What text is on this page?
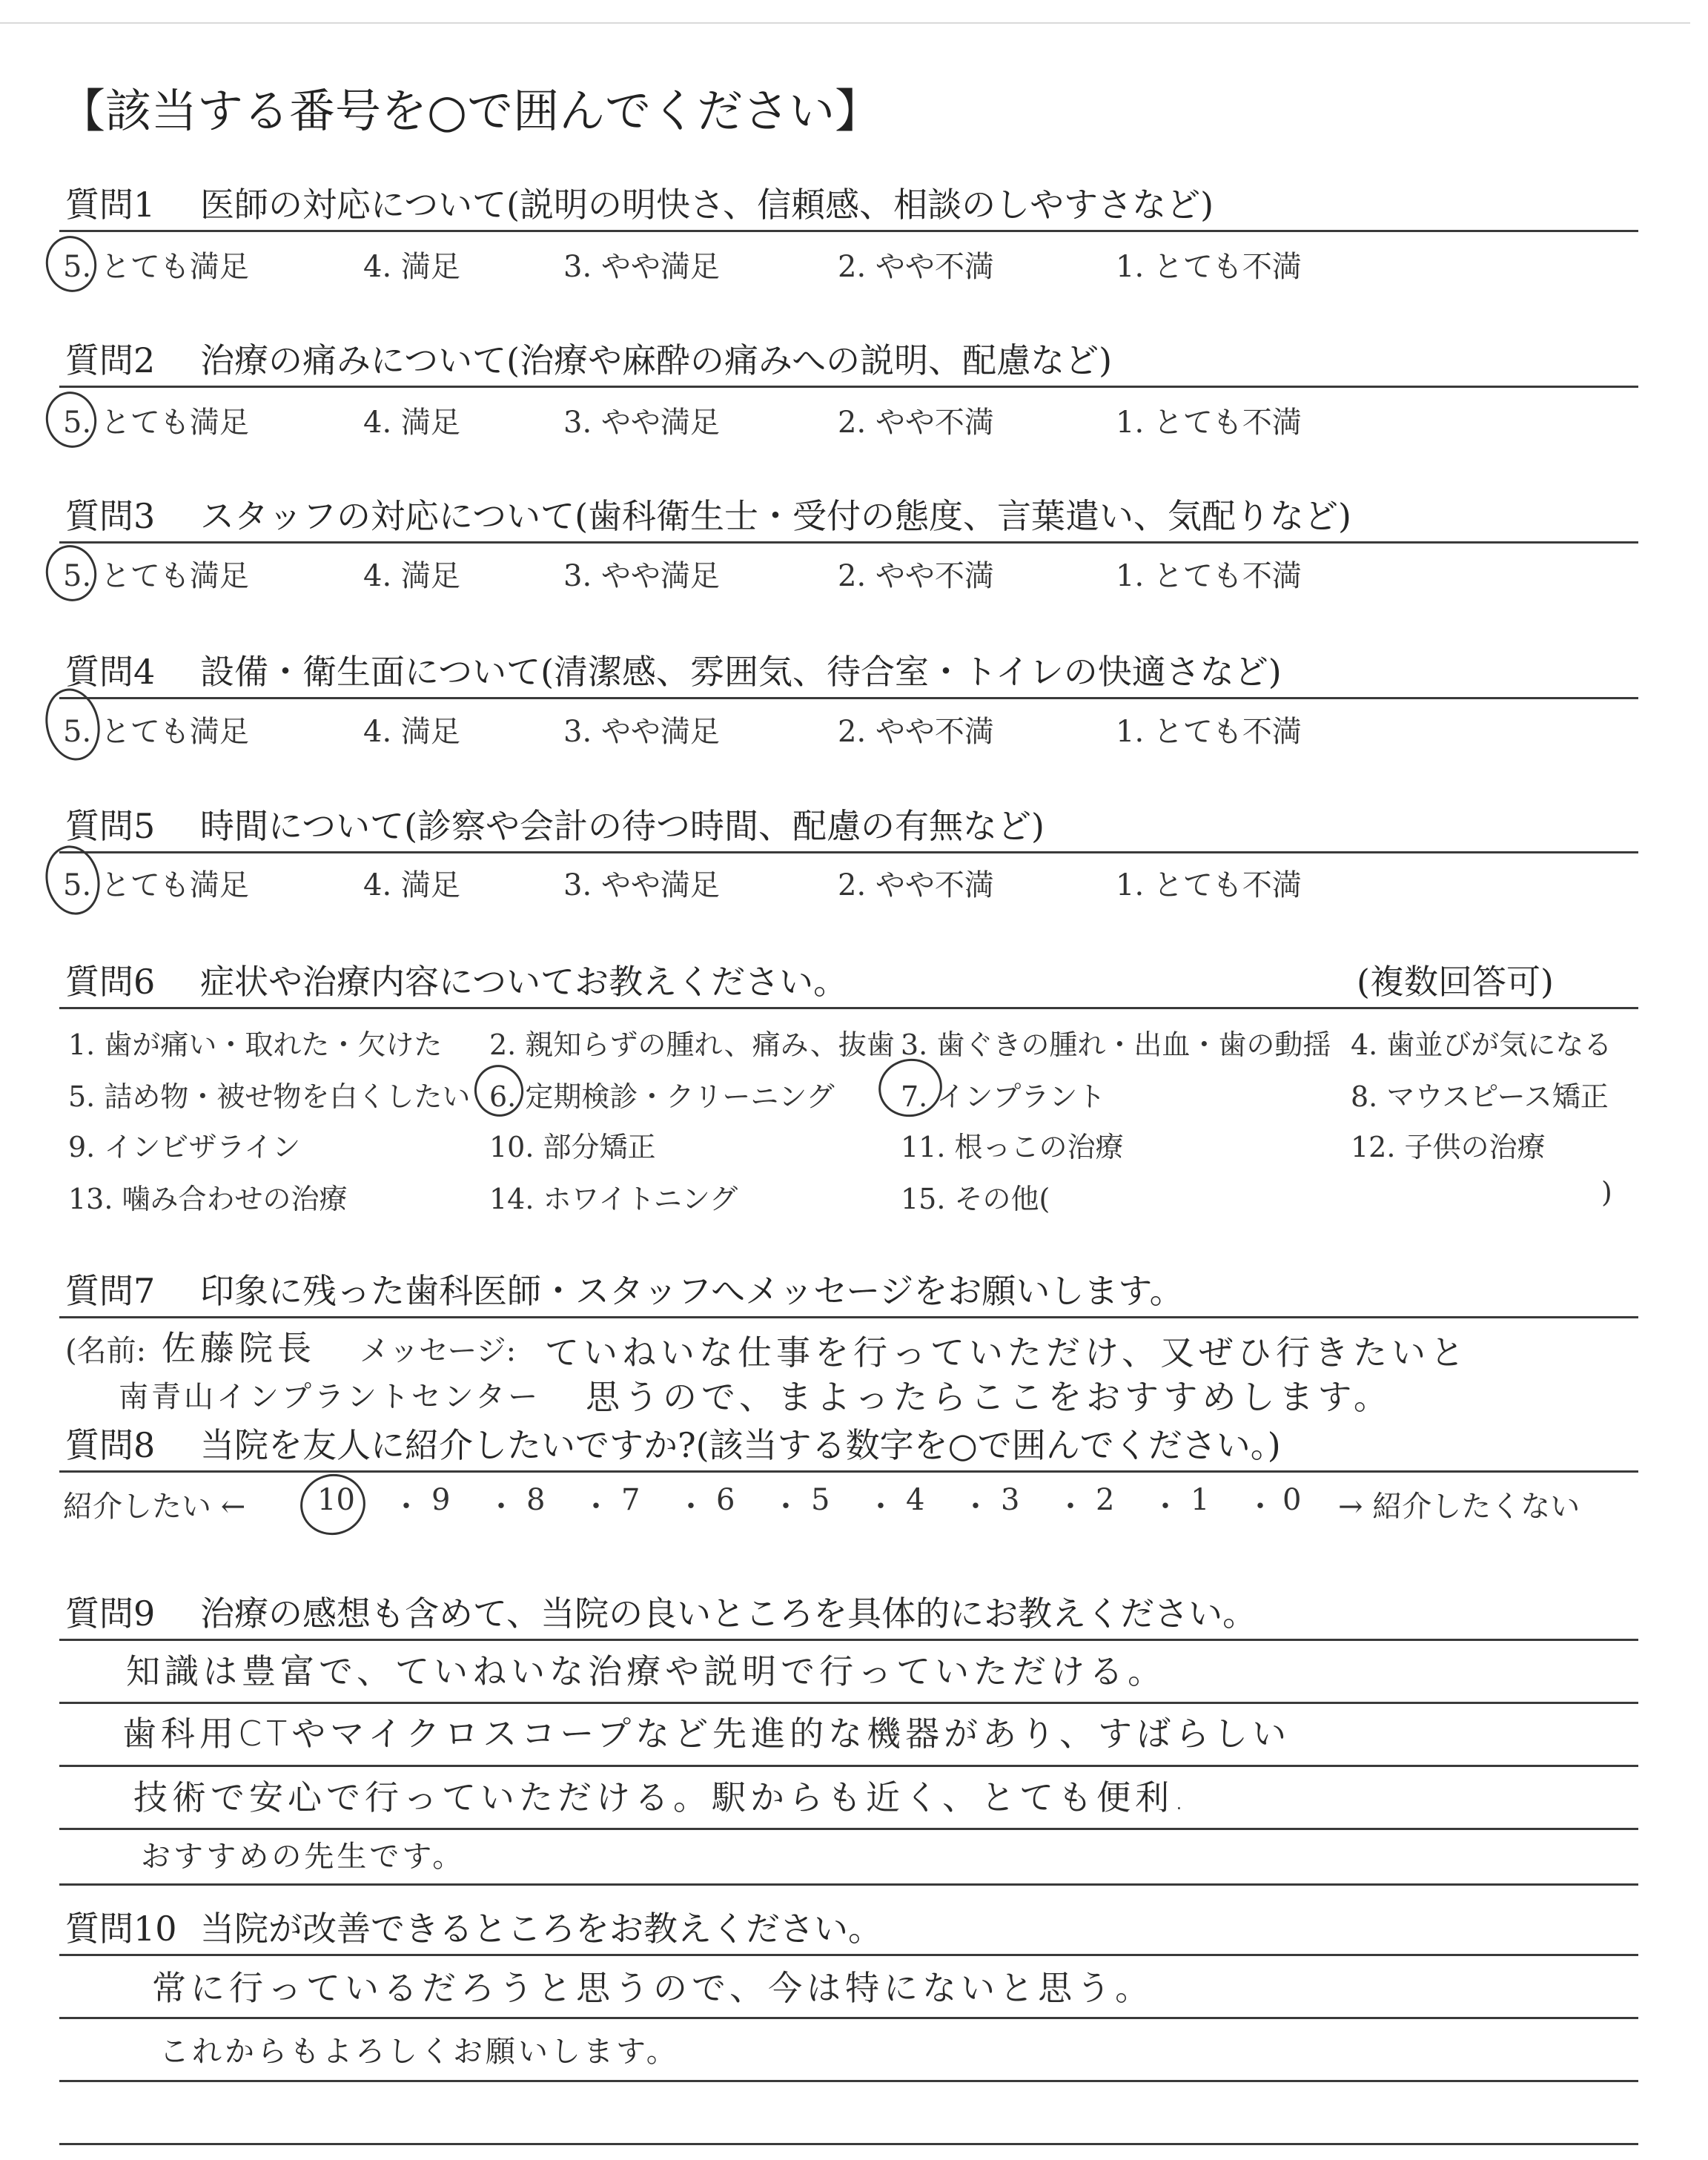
【該当する番号を○で囲んでください】
質問1 医師の対応について(説明の明快さ、信頼感、相談のしやすさなど)
5. とても満足	4. 満足	3. やや満足	2. やや不満	1. とても不満
質問2 治療の痛みについて(治療や麻酔の痛みへの説明、配慮など)
5. とても満足	4. 満足	3. やや満足	2. やや不満	1. とても不満
質問3 スタッフの対応について(歯科衛生士・受付の態度、言葉遣い、気配りなど)
5. とても満足	4. 満足	3. やや満足	2. やや不満	1. とても不満
質問4 設備・衛生面について(清潔感、雰囲気、待合室・トイレの快適さなど)
5. とても満足	4. 満足	3. やや満足	2. やや不満	1. とても不満
質問5 時間について(診察や会計の待つ時間、配慮の有無など)
5. とても満足	4. 満足	3. やや満足	2. やや不満	1. とても不満
質問6 症状や治療内容についてお教えください。	(複数回答可)
1. 歯が痛い・取れた・欠けた 2. 親知らずの腫れ、痛み、抜歯 3. 歯ぐきの腫れ・出血・歯の動揺 4. 歯並びが気になる
5. 詰め物・被せ物を白くしたい 6. 定期検診・クリーニング 7. インプラント	8. マウスピース矯正
9. インビザライン	10. 部分矯正	11. 根っこの治療	12. 子供の治療
13. 噛み合わせの治療	14. ホワイトニング	15. その他(	)
質問7 印象に残った歯科医師・スタッフへメッセージをお願いします。
(名前: 佐藤院長 メッセージ: ていねいな仕事を行っていただけ、又ぜひ行きたいと
南青山インプラントセンター 思うので、まよったらここをおすすめします。
質問8 当院を友人に紹介したいですか?(該当する数字を○で囲んでください。)
紹介したい ←	→ 紹介したくない
10 ・ 9 ・ 8 ・ 7 ・ 6 ・ 5 ・ 4 ・ 3 ・ 2 ・ 1 ・ 0
質問9 治療の感想も含めて、当院の良いところを具体的にお教えください。
知識は豊富で、ていねいな治療や説明で行っていただける。
歯科用CTやマイクロスコープなど先進的な機器があり、すばらしい
技術で安心で行っていただける。駅からも近く、とても便利.
おすすめの先生です。
質問10 当院が改善できるところをお教えください。
常に行っているだろうと思うので、今は特にないと思う。
これからもよろしくお願いします。
